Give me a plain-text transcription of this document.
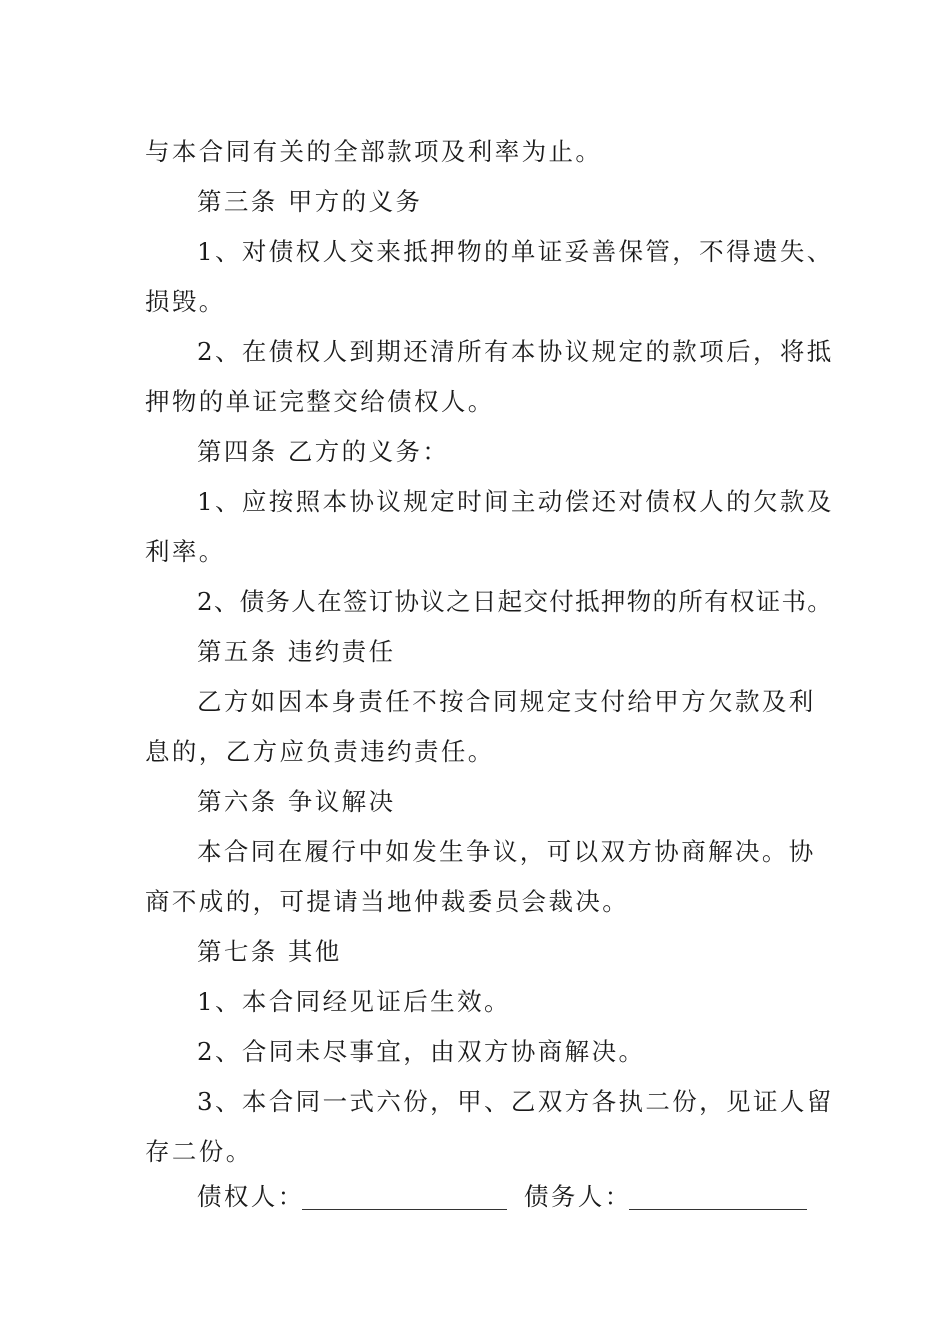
与本合同有关的全部款项及利率为止。
第三条 甲方的义务
1、对债权人交来抵押物的单证妥善保管，不得遗失、
损毁。
2、在债权人到期还清所有本协议规定的款项后，将抵
押物的单证完整交给债权人。
第四条 乙方的义务：
1、应按照本协议规定时间主动偿还对债权人的欠款及
利率。
2、债务人在签订协议之日起交付抵押物的所有权证书。
第五条 违约责任
乙方如因本身责任不按合同规定支付给甲方欠款及利
息的，乙方应负责违约责任。
第六条 争议解决
本合同在履行中如发生争议，可以双方协商解决。协
商不成的，可提请当地仲裁委员会裁决。
第七条 其他
1、本合同经见证后生效。
2、合同未尽事宜，由双方协商解决。
3、本合同一式六份，甲、乙双方各执二份，见证人留
存二份。
债权人：	债务人：
